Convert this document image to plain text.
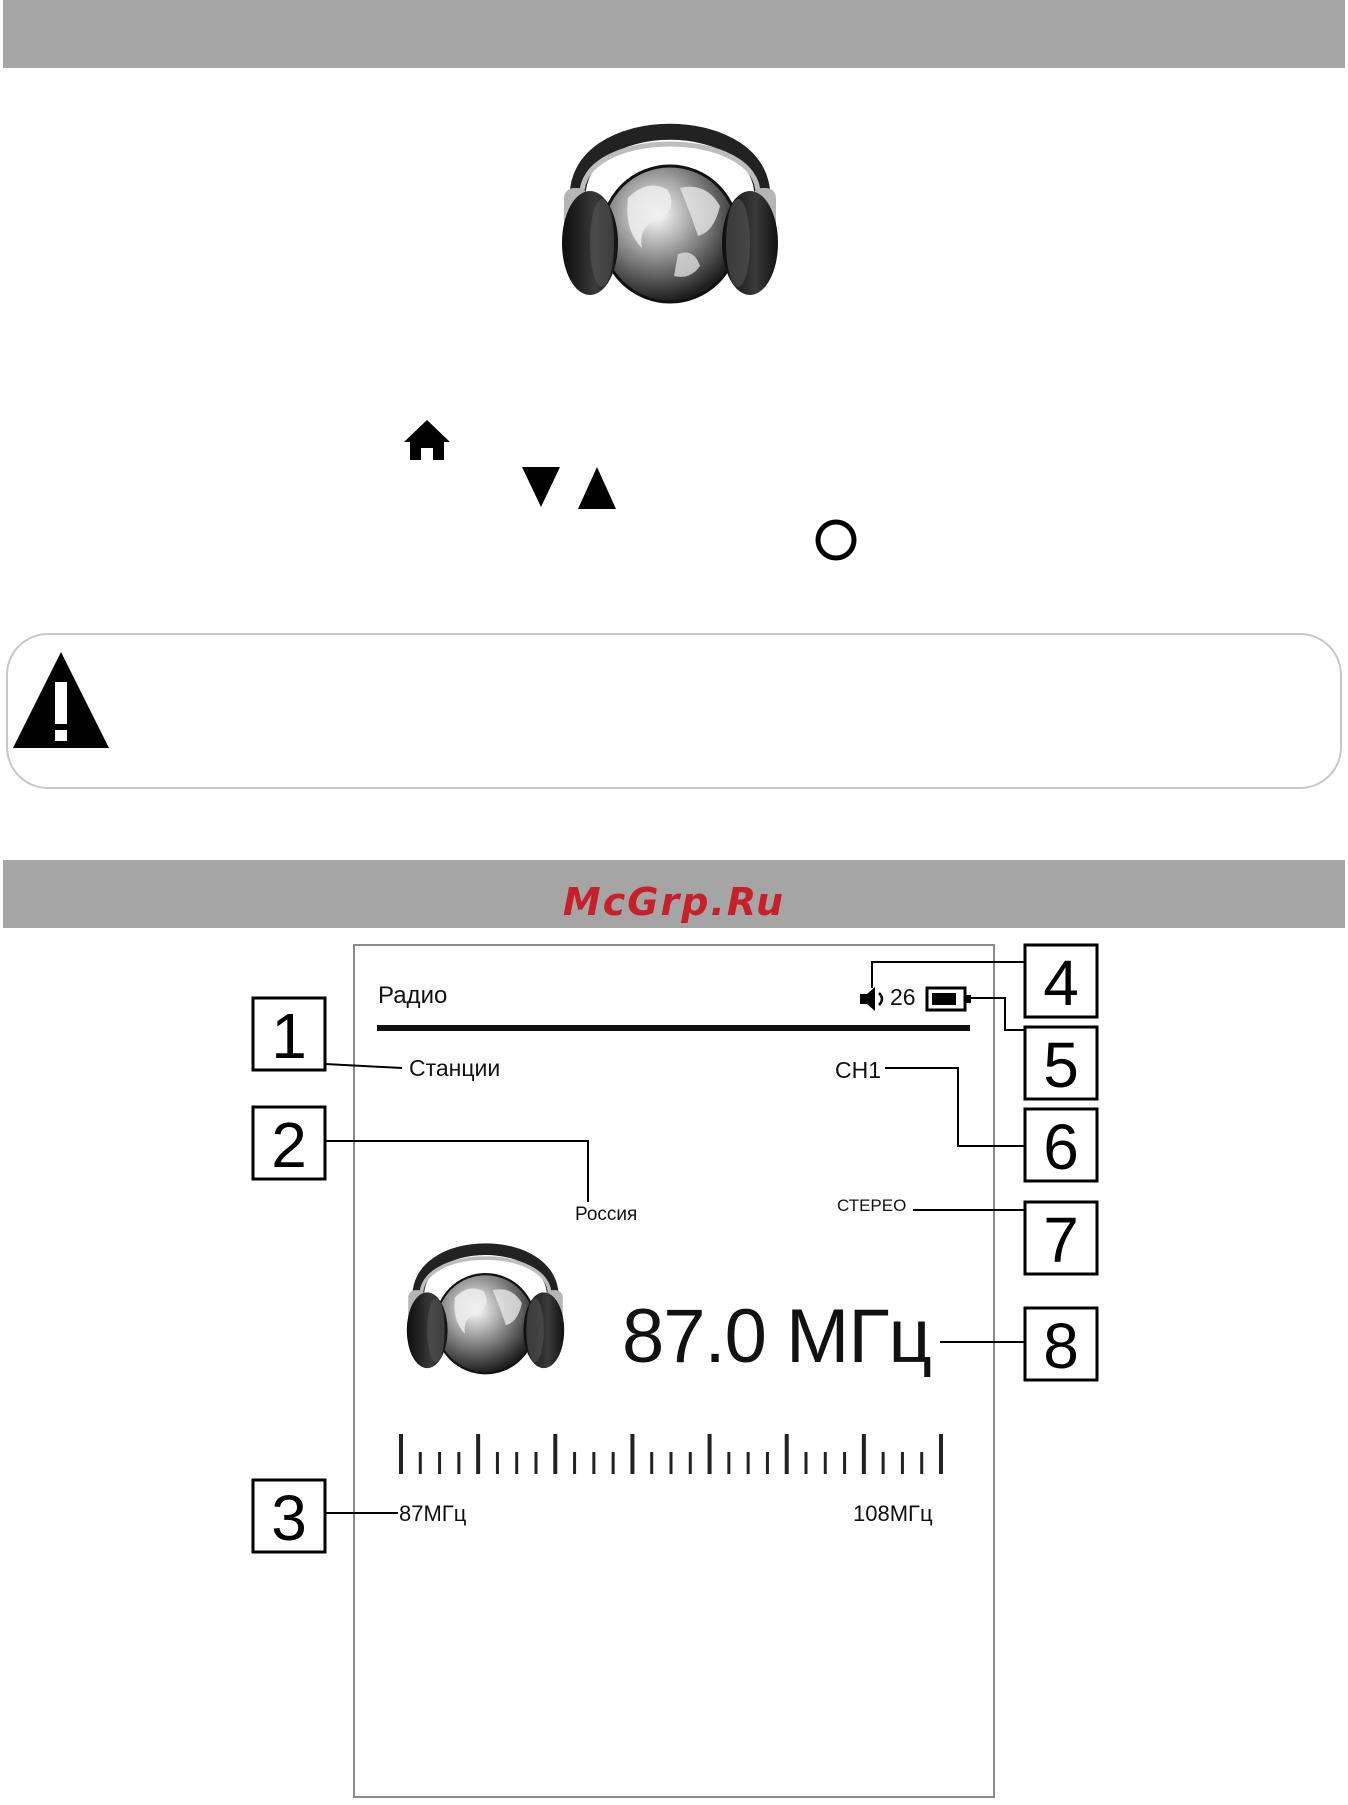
McGrp.Ru
Радио	26
Станции	CH1
Россия	СТЕРЕО
87.0 МГц
87МГц	108МГц
1
2
3
4
5
6
7
8
